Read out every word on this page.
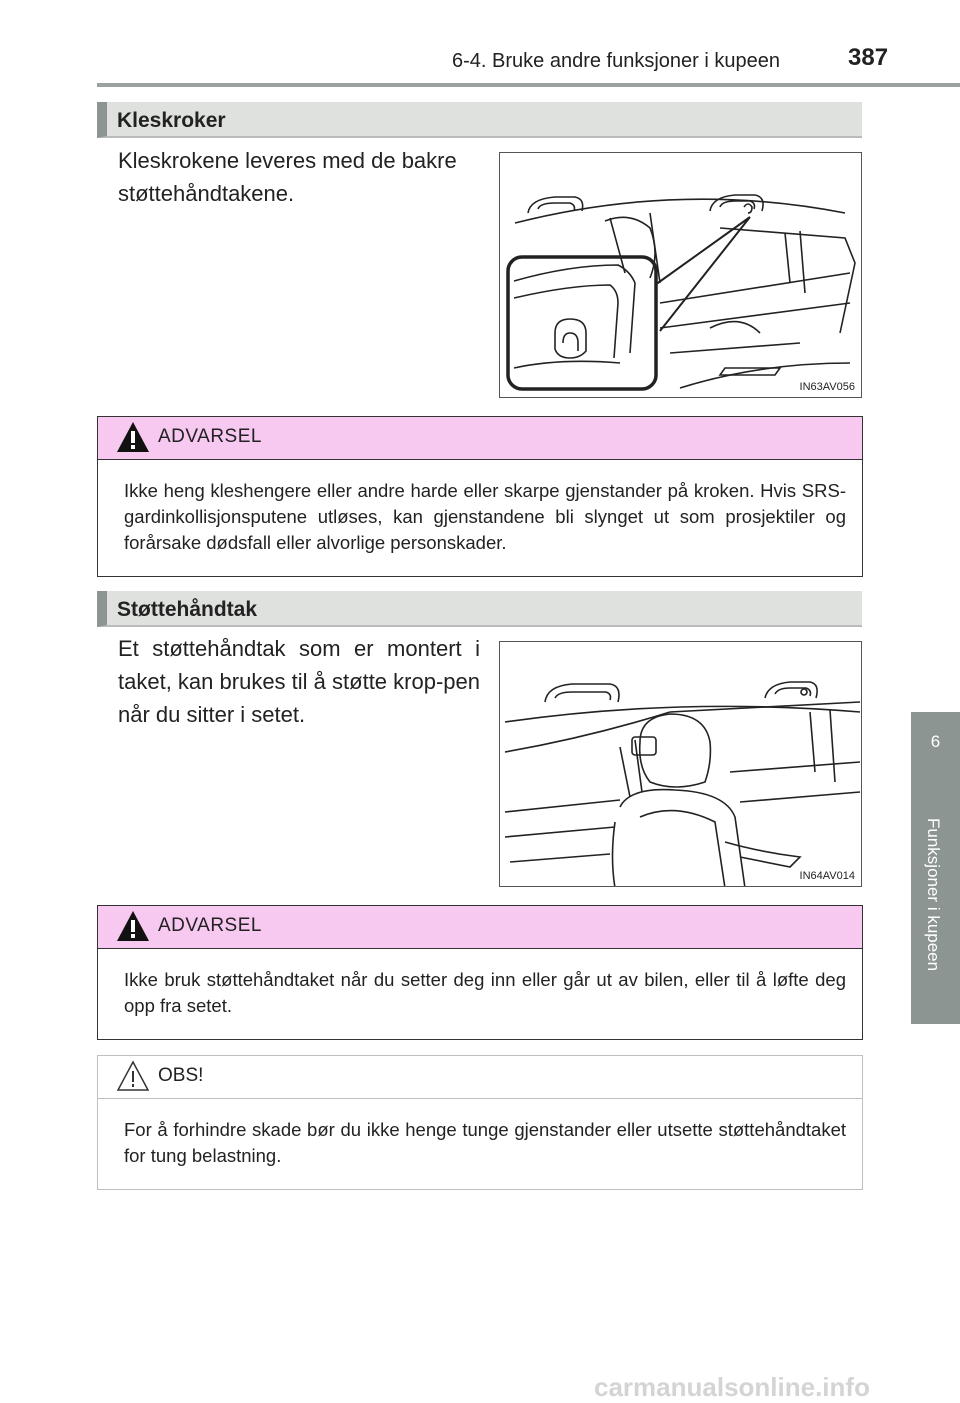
6-4. Bruke andre funksjoner i kupeen	387
Kleskroker
Kleskrokene leveres med de bakre støttehåndtakene.
IN63AV056
ADVARSEL
Ikke heng kleshengere eller andre harde eller skarpe gjenstander på kroken. Hvis SRS-gardinkollisjonsputene utløses, kan gjenstandene bli slynget ut som prosjektiler og forårsake dødsfall eller alvorlige personskader.
Støttehåndtak
Et støttehåndtak som er montert i taket, kan brukes til å støtte krop-pen når du sitter i setet.
IN64AV014
ADVARSEL
Ikke bruk støttehåndtaket når du setter deg inn eller går ut av bilen, eller til å løfte deg opp fra setet.
OBS!
For å forhindre skade bør du ikke henge tunge gjenstander eller utsette støttehåndtaket for tung belastning.
6
Funksjoner i kupeen
carmanualsonline.info
